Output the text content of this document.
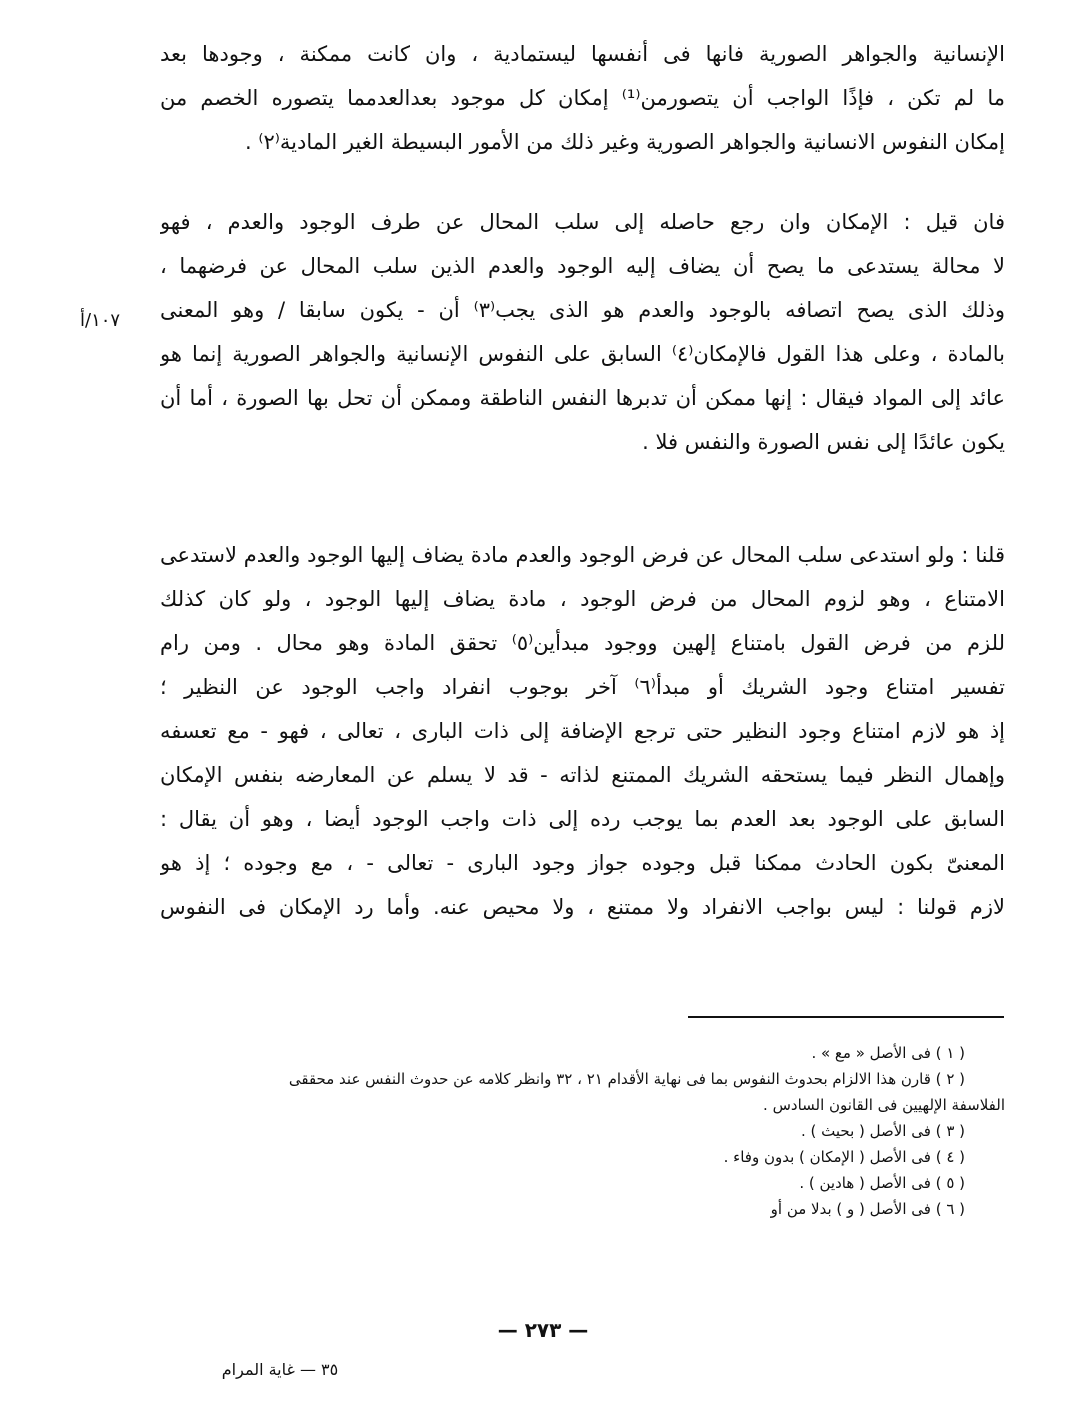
الإنسانية والجواهر الصورية فانها فى أنفسها ليستمادية ، وان كانت ممكنة ، وجودها بعد
ما لم تكن ، فإذًا الواجب أن يتصورمن⁽¹⁾ إمكان كل موجود بعدالعدمما يتصوره الخصم من
إمكان النفوس الانسانية والجواهر الصورية وغير ذلك من الأمور البسيطة الغير المادية⁽٢⁾ .
فان قيل : الإمكان وان رجع حاصله إلى سلب المحال عن طرف الوجود والعدم ، فهو
لا محالة يستدعى ما يصح أن يضاف إليه الوجود والعدم الذين سلب المحال عن فرضهما ،
وذلك الذى يصح اتصافه بالوجود والعدم هو الذى يجب⁽٣⁾ أن - يكون سابقا / وهو المعنى
بالمادة ، وعلى هذا القول فالإمكان⁽٤⁾ السابق على النفوس الإنسانية والجواهر الصورية إنما هو
عائد إلى المواد فيقال : إنها ممكن أن تدبرها النفس الناطقة وممكن أن تحل بها الصورة ، أما أن
يكون عائدًا إلى نفس الصورة والنفس فلا .
١٠٧/أ
قلنا : ولو استدعى سلب المحال عن فرض الوجود والعدم مادة يضاف إليها الوجود والعدم لاستدعى
الامتناع ، وهو لزوم المحال من فرض الوجود ، مادة يضاف إليها الوجود ، ولو كان كذلك
للزم من فرض القول بامتناع إلهين ووجود مبدأين⁽٥⁾ تحقق المادة وهو محال . ومن رام
تفسير امتناع وجود الشريك أو مبدأ⁽٦⁾ آخر بوجوب انفراد واجب الوجود عن النظير ؛
إذ هو لازم امتناع وجود النظير حتى ترجع الإضافة إلى ذات البارى ، تعالى ، فهو - مع تعسفه
وإهمال النظر فيما يستحقه الشريك الممتنع لذاته - قد لا يسلم عن المعارضه بنفس الإمكان
السابق على الوجود بعد العدم بما يوجب رده إلى ذات واجب الوجود أيضا ، وهو أن يقال :
المعنىّ بكون الحادث ممكنا قبل وجوده جواز وجود البارى - تعالى - ، مع وجوده ؛ إذ هو
لازم قولنا : ليس بواجب الانفراد ولا ممتنع ، ولا محيص عنه. وأما رد الإمكان فى النفوس
( ١ ) فى الأصل « مع » .
( ٢ ) قارن هذا الالزام بحدوث النفوس بما فى نهاية الأقدام ٢١ ، ٣٢ وانظر كلامه عن حدوث النفس عند محققى
الفلاسفة الإلهيين فى القانون السادس .
( ٣ ) فى الأصل ( بحيث ) .
( ٤ ) فى الأصل ( الإمكان ) بدون وفاء .
( ٥ ) فى الأصل ( هادين ) .
( ٦ ) فى الأصل ( و ) بدلا من أو
— ٢٧٣ —
٣٥ — غاية المرام
